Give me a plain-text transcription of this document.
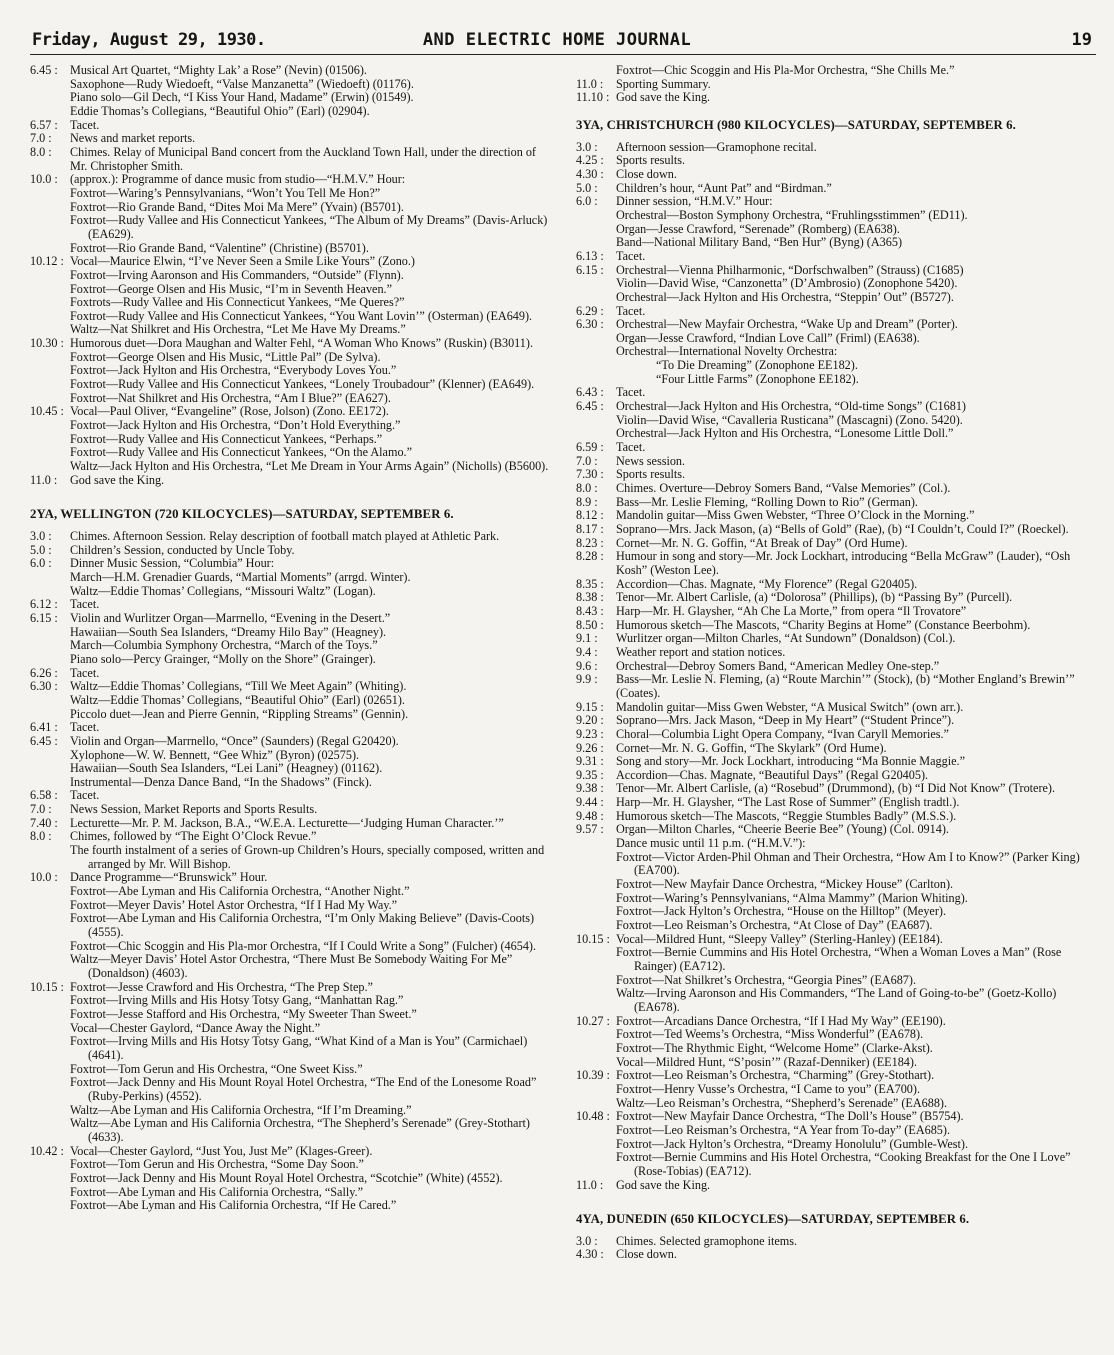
Friday, August 29, 1930.	AND ELECTRIC HOME JOURNAL	19
6.45 :	Musical Art Quartet, “Mighty Lak’ a Rose” (Nevin) (01506).
Saxophone—Rudy Wiedoeft, “Valse Manzanetta” (Wiedoeft) (01176).
Piano solo—Gil Dech, “I Kiss Your Hand, Madame” (Erwin) (01549).
Eddie Thomas’s Collegians, “Beautiful Ohio” (Earl) (02904).
6.57 :	Tacet.
7.0 :	News and market reports.
8.0 :	Chimes. Relay of Municipal Band concert from the Auckland Town Hall, under the direction of Mr. Christopher Smith.
10.0 :	(approx.): Programme of dance music from studio—“H.M.V.” Hour:
Foxtrot—Waring’s Pennsylvanians, “Won’t You Tell Me Hon?”
Foxtrot—Rio Grande Band, “Dites Moi Ma Mere” (Yvain) (B5701).
Foxtrot—Rudy Vallee and His Connecticut Yankees, “The Album of My Dreams” (Davis-Arluck) (EA629).
Foxtrot—Rio Grande Band, “Valentine” (Christine) (B5701).
10.12 : Vocal—Maurice Elwin, “I’ve Never Seen a Smile Like Yours” (Zono.)
Foxtrot—Irving Aaronson and His Commanders, “Outside” (Flynn).
Foxtrot—George Olsen and His Music, “I’m in Seventh Heaven.”
Foxtrots—Rudy Vallee and His Connecticut Yankees, “Me Queres?”
Foxtrot—Rudy Vallee and His Connecticut Yankees, “You Want Lovin’” (Osterman) (EA649).
Waltz—Nat Shilkret and His Orchestra, “Let Me Have My Dreams.”
10.30 : Humorous duet—Dora Maughan and Walter Fehl, “A Woman Who Knows” (Ruskin) (B3011).
Foxtrot—George Olsen and His Music, “Little Pal” (De Sylva).
Foxtrot—Jack Hylton and His Orchestra, “Everybody Loves You.”
Foxtrot—Rudy Vallee and His Connecticut Yankees, “Lonely Troubadour” (Klenner) (EA649).
Foxtrot—Nat Shilkret and His Orchestra, “Am I Blue?” (EA627).
10.45 : Vocal—Paul Oliver, “Evangeline” (Rose, Jolson) (Zono. EE172).
Foxtrot—Jack Hylton and His Orchestra, “Don’t Hold Everything.”
Foxtrot—Rudy Vallee and His Connecticut Yankees, “Perhaps.”
Foxtrot—Rudy Vallee and His Connecticut Yankees, “On the Alamo.”
Waltz—Jack Hylton and His Orchestra, “Let Me Dream in Your Arms Again” (Nicholls) (B5600).
11.0 :	God save the King.
2YA, WELLINGTON (720 KILOCYCLES)—SATURDAY, SEPTEMBER 6.
3.0 :	Chimes. Afternoon Session. Relay description of football match played at Athletic Park.
5.0 :	Children’s Session, conducted by Uncle Toby.
6.0 :	Dinner Music Session, “Columbia” Hour:
March—H.M. Grenadier Guards, “Martial Moments” (arrgd. Winter).
Waltz—Eddie Thomas’ Collegians, “Missouri Waltz” (Logan).
6.12 :	Tacet.
6.15 :	Violin and Wurlitzer Organ—Marrnello, “Evening in the Desert.”
Hawaiian—South Sea Islanders, “Dreamy Hilo Bay” (Heagney).
March—Columbia Symphony Orchestra, “March of the Toys.”
Piano solo—Percy Grainger, “Molly on the Shore” (Grainger).
6.26 :	Tacet.
6.30 :	Waltz—Eddie Thomas’ Collegians, “Till We Meet Again” (Whiting).
Waltz—Eddie Thomas’ Collegians, “Beautiful Ohio” (Earl) (02651).
Piccolo duet—Jean and Pierre Gennin, “Rippling Streams” (Gennin).
6.41 :	Tacet.
6.45 :	Violin and Organ—Marrnello, “Once” (Saunders) (Regal G20420).
Xylophone—W. W. Bennett, “Gee Whiz” (Byron) (02575).
Hawaiian—South Sea Islanders, “Lei Lani” (Heagney) (01162).
Instrumental—Denza Dance Band, “In the Shadows” (Finck).
6.58 :	Tacet.
7.0 :	News Session, Market Reports and Sports Results.
7.40 :	Lecturette—Mr. P. M. Jackson, B.A., “W.E.A. Lecturette—‘Judging Human Character.’”
8.0 :	Chimes, followed by “The Eight O’Clock Revue.”
The fourth instalment of a series of Grown-up Children’s Hours, specially composed, written and arranged by Mr. Will Bishop.
10.0 :	Dance Programme—“Brunswick” Hour.
Foxtrot—Abe Lyman and His California Orchestra, “Another Night.”
Foxtrot—Meyer Davis’ Hotel Astor Orchestra, “If I Had My Way.”
Foxtrot—Abe Lyman and His California Orchestra, “I’m Only Making Believe” (Davis-Coots) (4555).
Foxtrot—Chic Scoggin and His Pla-mor Orchestra, “If I Could Write a Song” (Fulcher) (4654).
Waltz—Meyer Davis’ Hotel Astor Orchestra, “There Must Be Somebody Waiting For Me” (Donaldson) (4603).
10.15 : Foxtrot—Jesse Crawford and His Orchestra, “The Prep Step.”
Foxtrot—Irving Mills and His Hotsy Totsy Gang, “Manhattan Rag.”
Foxtrot—Jesse Stafford and His Orchestra, “My Sweeter Than Sweet.”
Vocal—Chester Gaylord, “Dance Away the Night.”
Foxtrot—Irving Mills and His Hotsy Totsy Gang, “What Kind of a Man is You” (Carmichael) (4641).
Foxtrot—Tom Gerun and His Orchestra, “One Sweet Kiss.”
Foxtrot—Jack Denny and His Mount Royal Hotel Orchestra, “The End of the Lonesome Road” (Ruby-Perkins) (4552).
Waltz—Abe Lyman and His California Orchestra, “If I’m Dreaming.”
Waltz—Abe Lyman and His California Orchestra, “The Shepherd’s Serenade” (Grey-Stothart) (4633).
10.42 : Vocal—Chester Gaylord, “Just You, Just Me” (Klages-Greer).
Foxtrot—Tom Gerun and His Orchestra, “Some Day Soon.”
Foxtrot—Jack Denny and His Mount Royal Hotel Orchestra, “Scotchie” (White) (4552).
Foxtrot—Abe Lyman and His California Orchestra, “Sally.”
Foxtrot—Abe Lyman and His California Orchestra, “If He Cared.”
Foxtrot—Chic Scoggin and His Pla-Mor Orchestra, “She Chills Me.”
11.0 :	Sporting Summary.
11.10 : God save the King.
3YA, CHRISTCHURCH (980 KILOCYCLES)—SATURDAY, SEPTEMBER 6.
3.0 :	Afternoon session—Gramophone recital.
4.25 :	Sports results.
4.30 :	Close down.
5.0 :	Children’s hour, “Aunt Pat” and “Birdman.”
6.0 :	Dinner session, “H.M.V.” Hour:
Orchestral—Boston Symphony Orchestra, “Fruhlingsstimmen” (ED11).
Organ—Jesse Crawford, “Serenade” (Romberg) (EA638).
Band—National Military Band, “Ben Hur” (Byng) (A365)
6.13 :	Tacet.
6.15 :	Orchestral—Vienna Philharmonic, “Dorfschwalben” (Strauss) (C1685)
Violin—David Wise, “Canzonetta” (D’Ambrosio) (Zonophone 5420).
Orchestral—Jack Hylton and His Orchestra, “Steppin’ Out” (B5727).
6.29 :	Tacet.
6.30 :	Orchestral—New Mayfair Orchestra, “Wake Up and Dream” (Porter).
Organ—Jesse Crawford, “Indian Love Call” (Friml) (EA638).
Orchestral—International Novelty Orchestra:
“To Die Dreaming” (Zonophone EE182).
“Four Little Farms” (Zonophone EE182).
6.43 :	Tacet.
6.45 :	Orchestral—Jack Hylton and His Orchestra, “Old-time Songs” (C1681)
Violin—David Wise, “Cavalleria Rusticana” (Mascagni) (Zono. 5420).
Orchestral—Jack Hylton and His Orchestra, “Lonesome Little Doll.”
6.59 :	Tacet.
7.0 :	News session.
7.30 :	Sports results.
8.0 :	Chimes. Overture—Debroy Somers Band, “Valse Memories” (Col.).
8.9 :	Bass—Mr. Leslie Fleming, “Rolling Down to Rio” (German).
8.12 :	Mandolin guitar—Miss Gwen Webster, “Three O’Clock in the Morning.”
8.17 :	Soprano—Mrs. Jack Mason, (a) “Bells of Gold” (Rae), (b) “I Couldn’t, Could I?” (Roeckel).
8.23 :	Cornet—Mr. N. G. Goffin, “At Break of Day” (Ord Hume).
8.28 :	Humour in song and story—Mr. Jock Lockhart, introducing “Bella McGraw” (Lauder), “Osh Kosh” (Weston Lee).
8.35 :	Accordion—Chas. Magnate, “My Florence” (Regal G20405).
8.38 :	Tenor—Mr. Albert Carlisle, (a) “Dolorosa” (Phillips), (b) “Passing By” (Purcell).
8.43 :	Harp—Mr. H. Glaysher, “Ah Che La Morte,” from opera “Il Trovatore”
8.50 :	Humorous sketch—The Mascots, “Charity Begins at Home” (Constance Beerbohm).
9.1 :	Wurlitzer organ—Milton Charles, “At Sundown” (Donaldson) (Col.).
9.4 :	Weather report and station notices.
9.6 :	Orchestral—Debroy Somers Band, “American Medley One-step.”
9.9 :	Bass—Mr. Leslie N. Fleming, (a) “Route Marchin’” (Stock), (b) “Mother England’s Brewin’” (Coates).
9.15 :	Mandolin guitar—Miss Gwen Webster, “A Musical Switch” (own arr.).
9.20 :	Soprano—Mrs. Jack Mason, “Deep in My Heart” (“Student Prince”).
9.23 :	Choral—Columbia Light Opera Company, “Ivan Caryll Memories.”
9.26 :	Cornet—Mr. N. G. Goffin, “The Skylark” (Ord Hume).
9.31 :	Song and story—Mr. Jock Lockhart, introducing “Ma Bonnie Maggie.”
9.35 :	Accordion—Chas. Magnate, “Beautiful Days” (Regal G20405).
9.38 :	Tenor—Mr. Albert Carlisle, (a) “Rosebud” (Drummond), (b) “I Did Not Know” (Trotere).
9.44 :	Harp—Mr. H. Glaysher, “The Last Rose of Summer” (English tradtl.).
9.48 :	Humorous sketch—The Mascots, “Reggie Stumbles Badly” (M.S.S.).
9.57 :	Organ—Milton Charles, “Cheerie Beerie Bee” (Young) (Col. 0914).
Dance music until 11 p.m. (“H.M.V.”):
Foxtrot—Victor Arden-Phil Ohman and Their Orchestra, “How Am I to Know?” (Parker King) (EA700).
Foxtrot—New Mayfair Dance Orchestra, “Mickey House” (Carlton).
Foxtrot—Waring’s Pennsylvanians, “Alma Mammy” (Marion Whiting).
Foxtrot—Jack Hylton’s Orchestra, “House on the Hilltop” (Meyer).
Foxtrot—Leo Reisman’s Orchestra, “At Close of Day” (EA687).
10.15 : Vocal—Mildred Hunt, “Sleepy Valley” (Sterling-Hanley) (EE184).
Foxtrot—Bernie Cummins and His Hotel Orchestra, “When a Woman Loves a Man” (Rose Rainger) (EA712).
Foxtrot—Nat Shilkret’s Orchestra, “Georgia Pines” (EA687).
Waltz—Irving Aaronson and His Commanders, “The Land of Going-to-be” (Goetz-Kollo) (EA678).
10.27 : Foxtrot—Arcadians Dance Orchestra, “If I Had My Way” (EE190).
Foxtrot—Ted Weems’s Orchestra, “Miss Wonderful” (EA678).
Foxtrot—The Rhythmic Eight, “Welcome Home” (Clarke-Akst).
Vocal—Mildred Hunt, “S’posin’” (Razaf-Denniker) (EE184).
10.39 : Foxtrot—Leo Reisman’s Orchestra, “Charming” (Grey-Stothart).
Foxtrot—Henry Vusse’s Orchestra, “I Came to you” (EA700).
Waltz—Leo Reisman’s Orchestra, “Shepherd’s Serenade” (EA688).
10.48 : Foxtrot—New Mayfair Dance Orchestra, “The Doll’s House” (B5754).
Foxtrot—Leo Reisman’s Orchestra, “A Year from To-day” (EA685).
Foxtrot—Jack Hylton’s Orchestra, “Dreamy Honolulu” (Gumble-West).
Foxtrot—Bernie Cummins and His Hotel Orchestra, “Cooking Breakfast for the One I Love” (Rose-Tobias) (EA712).
11.0 :	God save the King.
4YA, DUNEDIN (650 KILOCYCLES)—SATURDAY, SEPTEMBER 6.
3.0 :	Chimes. Selected gramophone items.
4.30 :	Close down.
